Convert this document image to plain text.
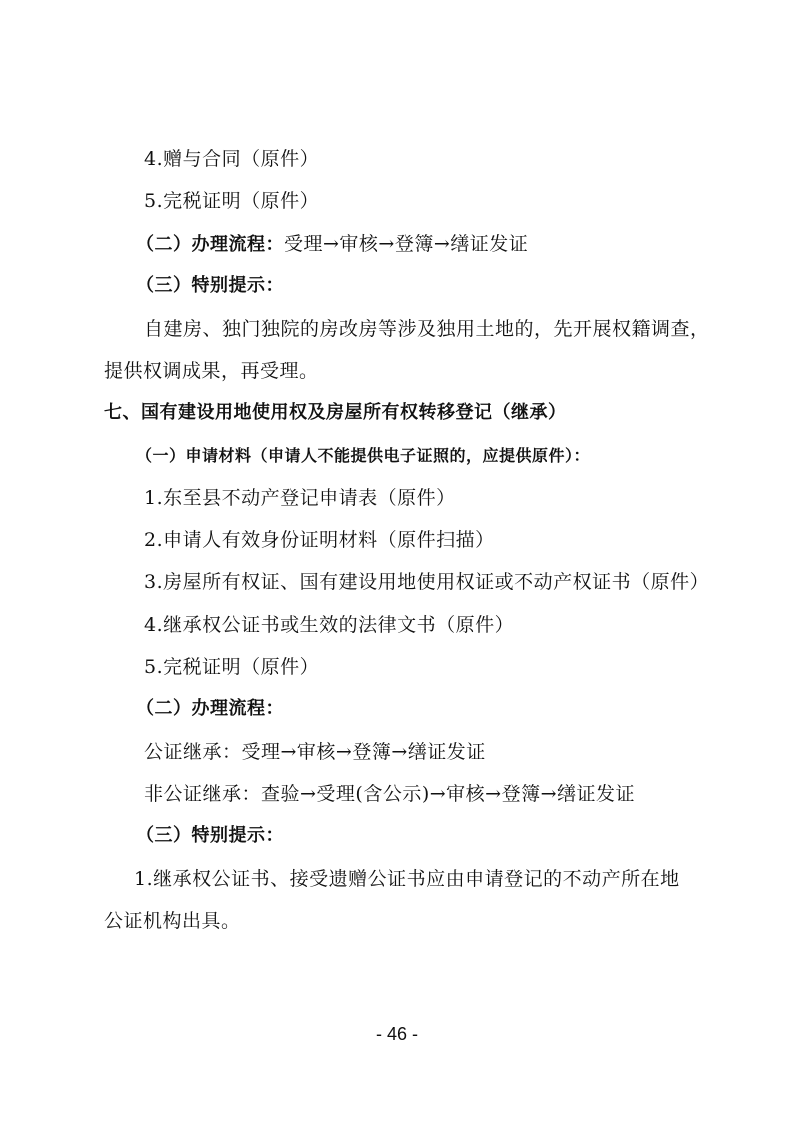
4.赠与合同（原件）
5.完税证明（原件）
（二）办理流程：受理→审核→登簿→缮证发证
（三）特别提示：
自建房、独门独院的房改房等涉及独用土地的，先开展权籍调查，
提供权调成果，再受理。
七、国有建设用地使用权及房屋所有权转移登记（继承）
（一）申请材料（申请人不能提供电子证照的，应提供原件）：
1.东至县不动产登记申请表（原件）
2.申请人有效身份证明材料（原件扫描）
3.房屋所有权证、国有建设用地使用权证或不动产权证书（原件）
4.继承权公证书或生效的法律文书（原件）
5.完税证明（原件）
（二）办理流程：
公证继承：受理→审核→登簿→缮证发证
非公证继承：查验→受理(含公示)→审核→登簿→缮证发证
（三）特别提示：
1.继承权公证书、接受遗赠公证书应由申请登记的不动产所在地
公证机构出具。
- 46 -
